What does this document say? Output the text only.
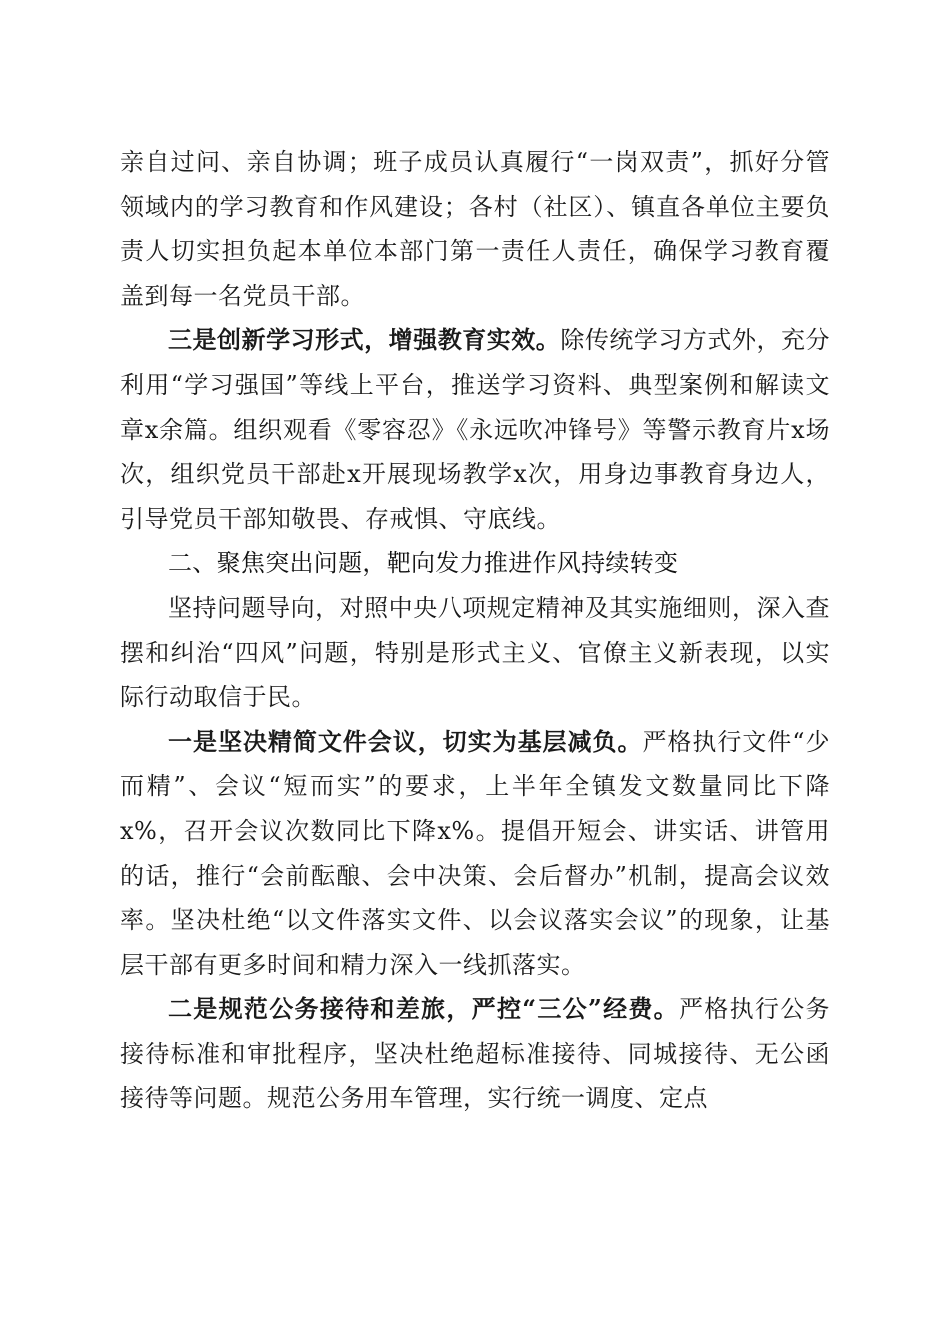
亲自过问、亲自协调；班子成员认真履行“一岗双责”，抓好分管领域内的学习教育和作风建设；各村（社区）、镇直各单位主要负责人切实担负起本单位本部门第一责任人责任，确保学习教育覆盖到每一名党员干部。

三是创新学习形式，增强教育实效。除传统学习方式外，充分利用“学习强国”等线上平台，推送学习资料、典型案例和解读文章x余篇。组织观看《零容忍》《永远吹冲锋号》等警示教育片x场次，组织党员干部赴x开展现场教学x次，用身边事教育身边人，引导党员干部知敬畏、存戒惧、守底线。

二、聚焦突出问题，靶向发力推进作风持续转变

坚持问题导向，对照中央八项规定精神及其实施细则，深入查摆和纠治“四风”问题，特别是形式主义、官僚主义新表现，以实际行动取信于民。

一是坚决精简文件会议，切实为基层减负。严格执行文件“少而精”、会议“短而实”的要求，上半年全镇发文数量同比下降x%，召开会议次数同比下降x%。提倡开短会、讲实话、讲管用的话，推行“会前酝酿、会中决策、会后督办”机制，提高会议效率。坚决杜绝“以文件落实文件、以会议落实会议”的现象，让基层干部有更多时间和精力深入一线抓落实。

二是规范公务接待和差旅，严控“三公”经费。严格执行公务接待标准和审批程序，坚决杜绝超标准接待、同城接待、无公函接待等问题。规范公务用车管理，实行统一调度、定点
